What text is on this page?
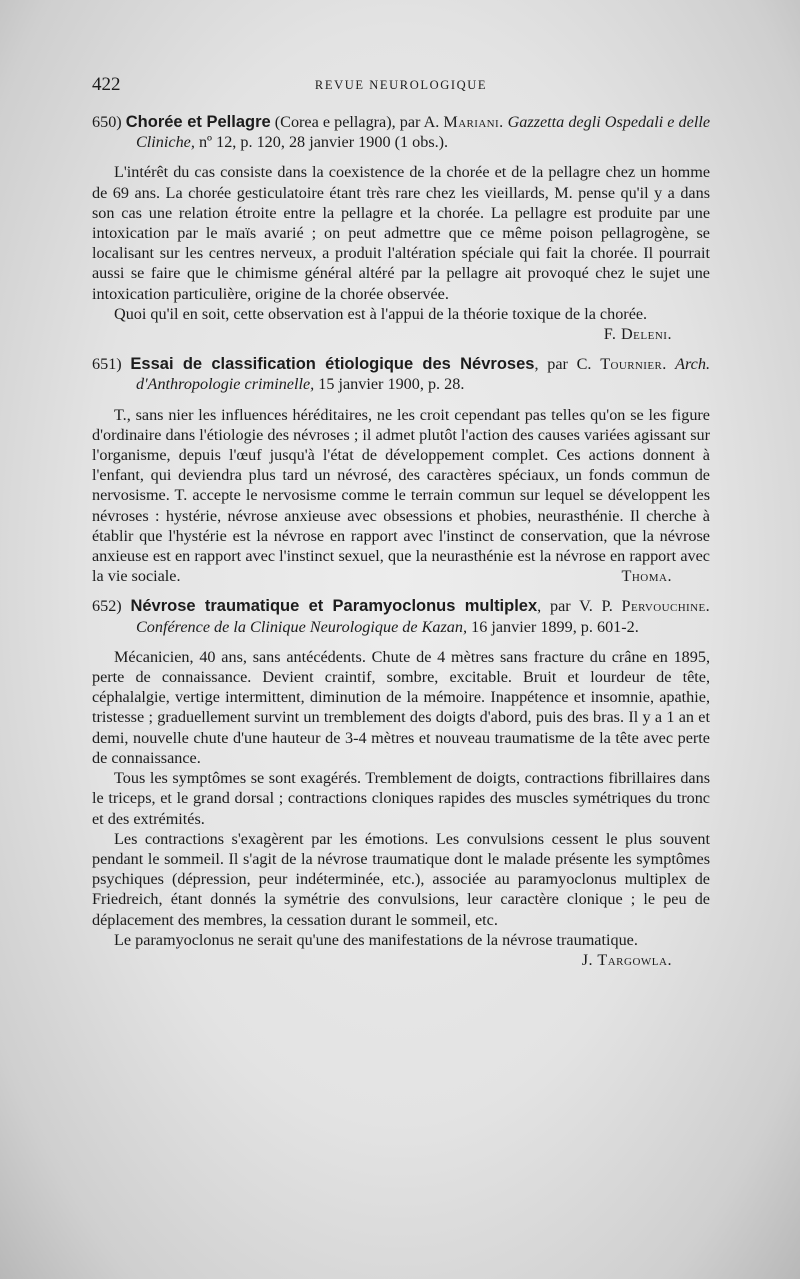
422	REVUE NEUROLOGIQUE

650) Chorée et Pellagre (Corea e pellagra), par A. Mariani. Gazzetta degli Ospedali e delle Cliniche, nº 12, p. 120, 28 janvier 1900 (1 obs.).

L'intérêt du cas consiste dans la coexistence de la chorée et de la pellagre chez un homme de 69 ans. La chorée gesticulatoire étant très rare chez les vieillards, M. pense qu'il y a dans son cas une relation étroite entre la pellagre et la chorée. La pellagre est produite par une intoxication par le maïs avarié ; on peut admettre que ce même poison pellagrogène, se localisant sur les centres nerveux, a produit l'altération spéciale qui fait la chorée. Il pourrait aussi se faire que le chimisme général altéré par la pellagre ait provoqué chez le sujet une intoxication particulière, origine de la chorée observée.

Quoi qu'il en soit, cette observation est à l'appui de la théorie toxique de la chorée.
F. Deleni.

651) Essai de classification étiologique des Névroses, par C. Tournier. Arch. d'Anthropologie criminelle, 15 janvier 1900, p. 28.

T., sans nier les influences héréditaires, ne les croit cependant pas telles qu'on se les figure d'ordinaire dans l'étiologie des névroses ; il admet plutôt l'action des causes variées agissant sur l'organisme, depuis l'œuf jusqu'à l'état de développement complet. Ces actions donnent à l'enfant, qui deviendra plus tard un névrosé, des caractères spéciaux, un fonds commun de nervosisme. T. accepte le nervosisme comme le terrain commun sur lequel se développent les névroses : hystérie, névrose anxieuse avec obsessions et phobies, neurasthénie. Il cherche à établir que l'hystérie est la névrose en rapport avec l'instinct de conservation, que la névrose anxieuse est en rapport avec l'instinct sexuel, que la neurasthénie est la névrose en rapport avec la vie sociale.	Thoma.

652) Névrose traumatique et Paramyoclonus multiplex, par V. P. Pervouchine. Conférence de la Clinique Neurologique de Kazan, 16 janvier 1899, p. 601-2.

Mécanicien, 40 ans, sans antécédents. Chute de 4 mètres sans fracture du crâne en 1895, perte de connaissance. Devient craintif, sombre, excitable. Bruit et lourdeur de tête, céphalalgie, vertige intermittent, diminution de la mémoire. Inappétence et insomnie, apathie, tristesse ; graduellement survint un tremblement des doigts d'abord, puis des bras. Il y a 1 an et demi, nouvelle chute d'une hauteur de 3-4 mètres et nouveau traumatisme de la tête avec perte de connaissance.

Tous les symptômes se sont exagérés. Tremblement de doigts, contractions fibrillaires dans le triceps, et le grand dorsal ; contractions cloniques rapides des muscles symétriques du tronc et des extrémités.

Les contractions s'exagèrent par les émotions. Les convulsions cessent le plus souvent pendant le sommeil. Il s'agit de la névrose traumatique dont le malade présente les symptômes psychiques (dépression, peur indéterminée, etc.), associée au paramyoclonus multiplex de Friedreich, étant donnés la symétrie des convulsions, leur caractère clonique ; le peu de déplacement des membres, la cessation durant le sommeil, etc.

Le paramyoclonus ne serait qu'une des manifestations de la névrose traumatique.
J. Targowla.
